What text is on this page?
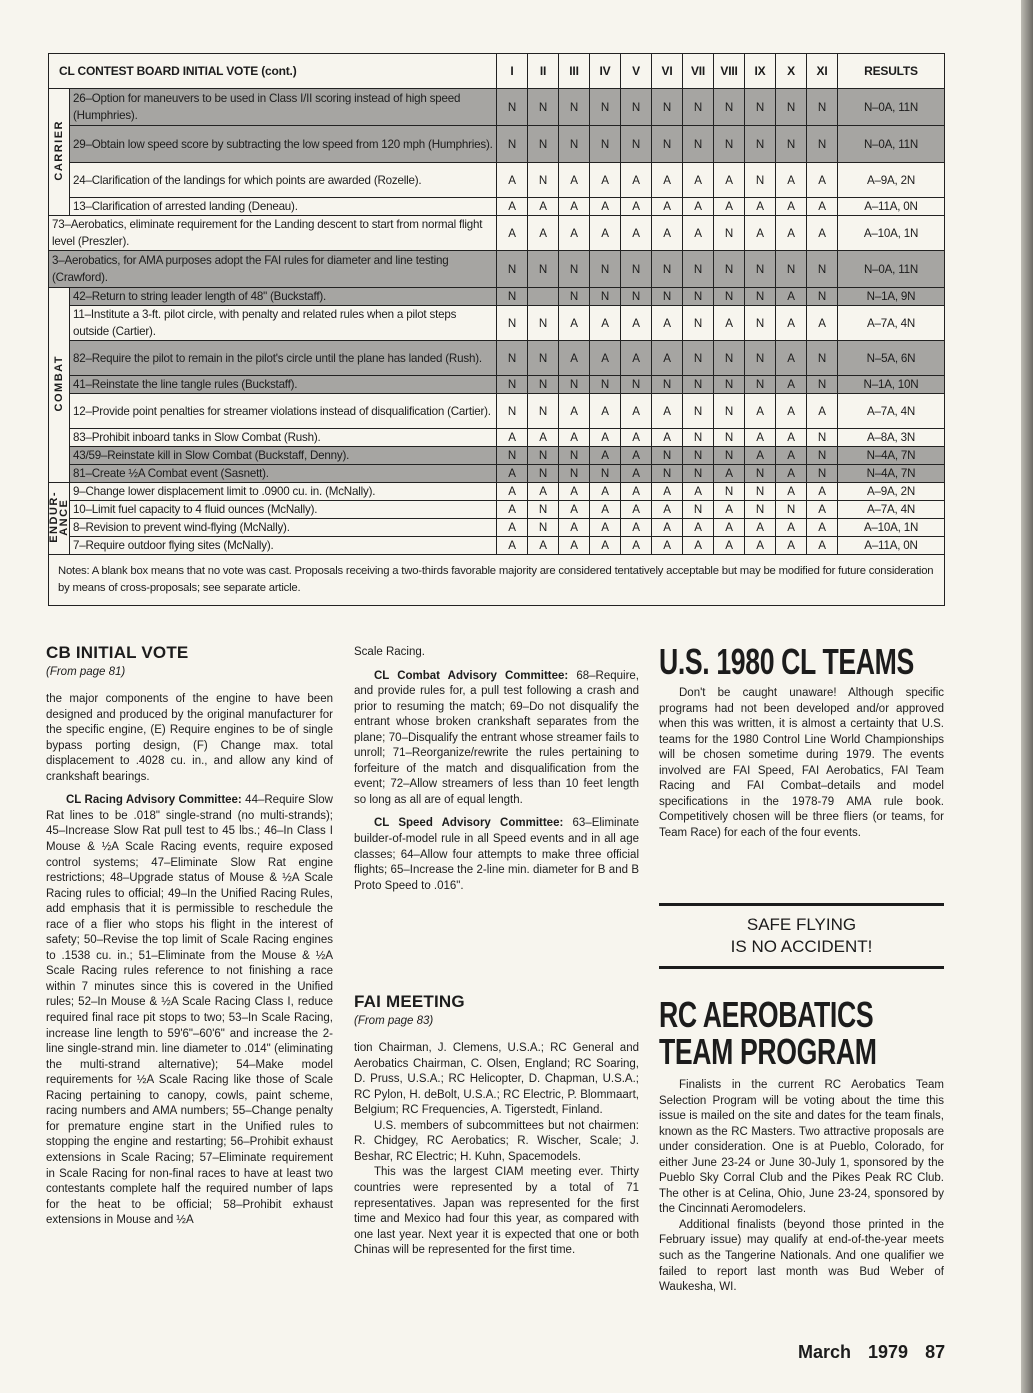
CL CONTEST BOARD INITIAL VOTE (cont.)		I	II	III	IV	V	VI	VII	VIII	IX	X	XI	RESULTS
CARRIER	26–Option for maneuvers to be used in Class I/II scoring instead of high speed (Humphries).	N	N	N	N	N	N	N	N	N	N	N	N–0A, 11N
	29–Obtain low speed score by subtracting the low speed from 120 mph (Humphries).	N	N	N	N	N	N	N	N	N	N	N	N–0A, 11N
	24–Clarification of the landings for which points are awarded (Rozelle).	A	N	A	A	A	A	A	A	N	A	A	A–9A, 2N
	13–Clarification of arrested landing (Deneau).	A	A	A	A	A	A	A	A	A	A	A	A–11A, 0N
73–Aerobatics, eliminate requirement for the Landing descent to start from normal flight level (Preszler).		A	A	A	A	A	A	A	N	A	A	A	A–10A, 1N
3–Aerobatics, for AMA purposes adopt the FAI rules for diameter and line testing (Crawford).		N	N	N	N	N	N	N	N	N	N	N	N–0A, 11N
COMBAT	42–Return to string leader length of 48" (Buckstaff).	N		N	N	N	N	N	N	N	A	N	N–1A, 9N
	11–Institute a 3-ft. pilot circle, with penalty and related rules when a pilot steps outside (Cartier).	N	N	A	A	A	A	N	A	N	A	A	A–7A, 4N
	82–Require the pilot to remain in the pilot's circle until the plane has landed (Rush).	N	N	A	A	A	A	N	N	N	A	N	N–5A, 6N
	41–Reinstate the line tangle rules (Buckstaff).	N	N	N	N	N	N	N	N	N	A	N	N–1A, 10N
	12–Provide point penalties for streamer violations instead of disqualification (Cartier).	N	N	A	A	A	A	N	N	A	A	A	A–7A, 4N
	83–Prohibit inboard tanks in Slow Combat (Rush).	A	A	A	A	A	A	N	N	A	A	N	A–8A, 3N
	43/59–Reinstate kill in Slow Combat (Buckstaff, Denny).	N	N	N	A	A	N	N	N	A	A	N	N–4A, 7N
	81–Create ½A Combat event (Sasnett).	A	N	N	N	A	N	N	A	N	A	N	N–4A, 7N
ENDUR-
ANCE	9–Change lower displacement limit to .0900 cu. in. (McNally).	A	A	A	A	A	A	A	N	N	A	A	A–9A, 2N
	10–Limit fuel capacity to 4 fluid ounces (McNally).	A	N	A	A	A	A	N	A	N	N	A	A–7A, 4N
	8–Revision to prevent wind-flying (McNally).	A	N	A	A	A	A	A	A	A	A	A	A–10A, 1N
	7–Require outdoor flying sites (McNally).	A	A	A	A	A	A	A	A	A	A	A	A–11A, 0N
Notes: A blank box means that no vote was cast. Proposals receiving a two-thirds favorable majority are considered tentatively acceptable but may be modified for future consideration by means of cross-proposals; see separate article.													
CB INITIAL VOTE
(From page 81)

the major components of the engine to have been designed and produced by the original manufacturer for the specific engine, (E) Require engines to be of single bypass porting design, (F) Change max. total displacement to .4028 cu. in., and allow any kind of crankshaft bearings.

CL Racing Advisory Committee: 44–Require Slow Rat lines to be .018" single-strand (no multi-strands); 45–Increase Slow Rat pull test to 45 lbs.; 46–In Class I Mouse & ½A Scale Racing events, require exposed control systems; 47–Eliminate Slow Rat engine restrictions; 48–Upgrade status of Mouse & ½A Scale Racing rules to official; 49–In the Unified Racing Rules, add emphasis that it is permissible to reschedule the race of a flier who stops his flight in the interest of safety; 50–Revise the top limit of Scale Racing engines to .1538 cu. in.; 51–Eliminate from the Mouse & ½A Scale Racing rules reference to not finishing a race within 7 minutes since this is covered in the Unified rules; 52–In Mouse & ½A Scale Racing Class I, reduce required final race pit stops to two; 53–In Scale Racing, increase line length to 59'6"–60'6" and increase the 2-line single-strand min. line diameter to .014" (eliminating the multi-strand alternative); 54–Make model requirements for ½A Scale Racing like those of Scale Racing pertaining to canopy, cowls, paint scheme, racing numbers and AMA numbers; 55–Change penalty for premature engine start in the Unified rules to stopping the engine and restarting; 56–Prohibit exhaust extensions in Scale Racing; 57–Eliminate requirement in Scale Racing for non-final races to have at least two contestants complete half the required number of laps for the heat to be official; 58–Prohibit exhaust extensions in Mouse and ½A

Scale Racing.

CL Combat Advisory Committee: 68–Require, and provide rules for, a pull test following a crash and prior to resuming the match; 69–Do not disqualify the entrant whose broken crankshaft separates from the plane; 70–Disqualify the entrant whose streamer fails to unroll; 71–Reorganize/rewrite the rules pertaining to forfeiture of the match and disqualification from the event; 72–Allow streamers of less than 10 feet length so long as all are of equal length.

CL Speed Advisory Committee: 63–Eliminate builder-of-model rule in all Speed events and in all age classes; 64–Allow four attempts to make three official flights; 65–Increase the 2-line min. diameter for B and B Proto Speed to .016".

FAI MEETING
(From page 83)

tion Chairman, J. Clemens, U.S.A.; RC General and Aerobatics Chairman, C. Olsen, England; RC Soaring, D. Pruss, U.S.A.; RC Helicopter, D. Chapman, U.S.A.; RC Pylon, H. deBolt, U.S.A.; RC Electric, P. Blommaart, Belgium; RC Frequencies, A. Tigerstedt, Finland.

U.S. members of subcommittees but not chairmen: R. Chidgey, RC Aerobatics; R. Wischer, Scale; J. Beshar, RC Electric; H. Kuhn, Spacemodels.

This was the largest CIAM meeting ever. Thirty countries were represented by a total of 71 representatives. Japan was represented for the first time and Mexico had four this year, as compared with one last year. Next year it is expected that one or both Chinas will be represented for the first time.

U.S. 1980 CL TEAMS

Don't be caught unaware! Although specific programs had not been developed and/or approved when this was written, it is almost a certainty that U.S. teams for the 1980 Control Line World Championships will be chosen sometime during 1979. The events involved are FAI Speed, FAI Aerobatics, FAI Team Racing and FAI Combat–details and model specifications in the 1978-79 AMA rule book. Competitively chosen will be three fliers (or teams, for Team Race) for each of the four events.

SAFE FLYING
IS NO ACCIDENT!
RC AEROBATICS
TEAM PROGRAM

Finalists in the current RC Aerobatics Team Selection Program will be voting about the time this issue is mailed on the site and dates for the team finals, known as the RC Masters. Two attractive proposals are under consideration. One is at Pueblo, Colorado, for either June 23-24 or June 30-July 1, sponsored by the Pueblo Sky Corral Club and the Pikes Peak RC Club. The other is at Celina, Ohio, June 23-24, sponsored by the Cincinnati Aeromodelers.

Additional finalists (beyond those printed in the February issue) may qualify at end-of-the-year meets such as the Tangerine Nationals. And one qualifier we failed to report last month was Bud Weber of Waukesha, WI.

March 1979 87
